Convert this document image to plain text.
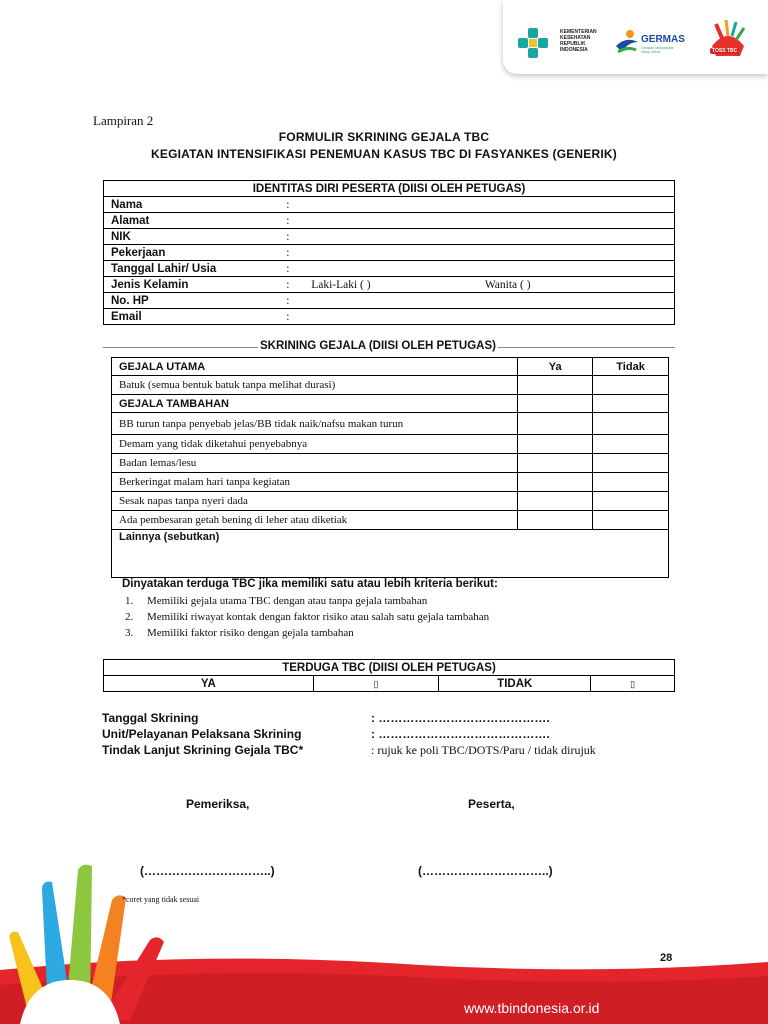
KEMENTERIAN KESEHATAN REPUBLIK INDONESIA
GERMAS
Gerakan Masyarakat Hidup Sehat	TOSS TBC
Lampiran 2
FORMULIR SKRINING GEJALA TBC
KEGIATAN INTENSIFIKASI PENEMUAN KASUS TBC DI FASYANKES (GENERIK)
IDENTITAS DIRI PESERTA (DIISI OLEH PETUGAS)			
Nama	:		
Alamat	:		
NIK	:		
Pekerjaan	:		
Tanggal Lahir/ Usia	:		
Jenis Kelamin	:	Laki-Laki ( )	Wanita ( )
No. HP	:		
Email	:		
SKRINING GEJALA (DIISI OLEH PETUGAS)
GEJALA UTAMA	Ya	Tidak
Batuk (semua bentuk batuk tanpa melihat durasi)		
GEJALA TAMBAHAN		
BB turun tanpa penyebab jelas/BB tidak naik/nafsu makan turun		
Demam yang tidak diketahui penyebabnya		
Badan lemas/lesu		
Berkeringat malam hari tanpa kegiatan		
Sesak napas tanpa nyeri dada		
Ada pembesaran getah bening di leher atau diketiak		
Lainnya (sebutkan)		
Dinyatakan terduga TBC jika memiliki satu atau lebih kriteria berikut:
1. Memiliki gejala utama TBC dengan atau tanpa gejala tambahan
2. Memiliki riwayat kontak dengan faktor risiko atau salah satu gejala tambahan
3. Memiliki faktor risiko dengan gejala tambahan
TERDUGA TBC (DIISI OLEH PETUGAS)
YA	▯	TIDAK	▯
Tanggal Skrining	: …………………………………….
Unit/Pelayanan Pelaksana Skrining	: …………………………………….
Tindak Lanjut Skrining Gejala TBC*	: rujuk ke poli TBC/DOTS/Paru / tidak dirujuk
Pemeriksa,	Peserta,
(…………………………..)	(…………………………..)
*coret yang tidak sesuai
28
www.tbindonesia.or.id
